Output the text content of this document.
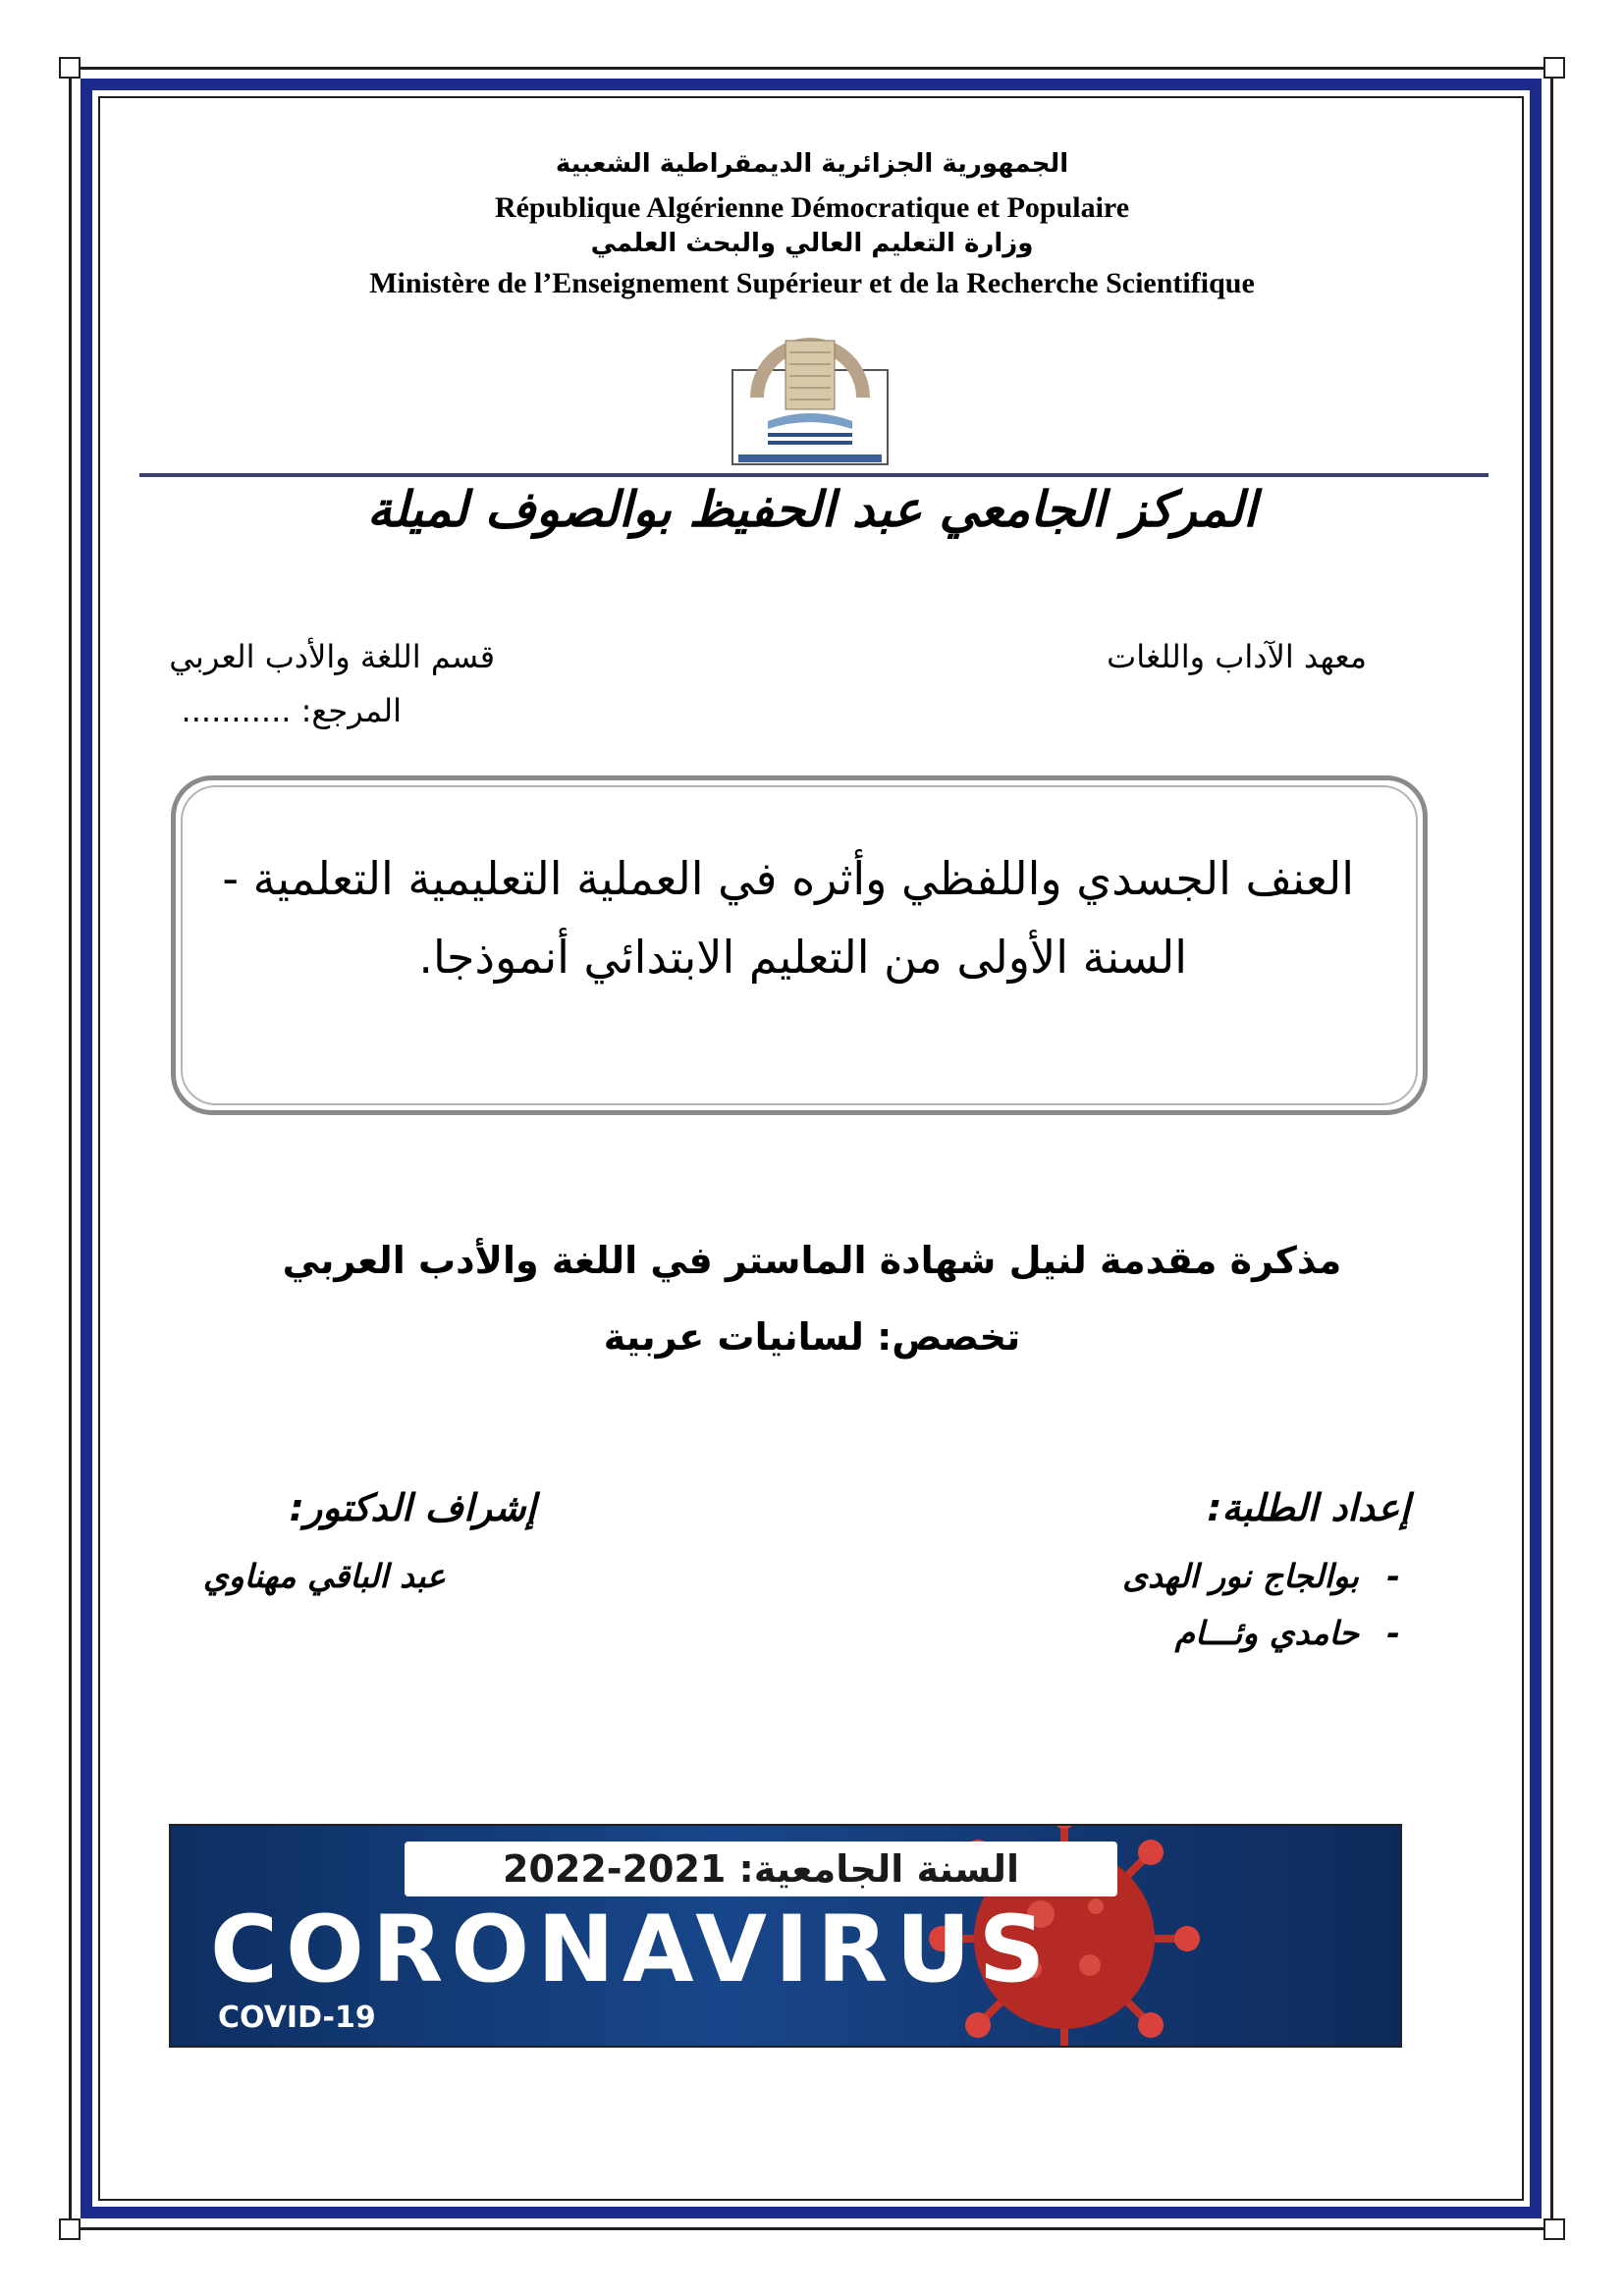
الجمهورية الجزائرية الديمقراطية الشعبية
République Algérienne Démocratique et Populaire
وزارة التعليم العالي والبحث العلمي
Ministère de l’Enseignement Supérieur et de la Recherche Scientifique
المركز الجامعي عبد الحفيظ بوالصوف لميلة
معهد الآداب واللغات
قسم اللغة والأدب العربي
المرجع: ...........
العنف الجسدي واللفظي وأثره في العملية التعليمية التعلمية -
السنة الأولى من التعليم الابتدائي أنموذجا.
مذكرة مقدمة لنيل شهادة الماستر في اللغة والأدب العربي
تخصص: لسانيات عربية
إعداد الطلبة:
إشراف الدكتور:
-
بوالجاج نور الهدى
-
حامدي وئـــام
عبد الباقي مهناوي
السنة الجامعية: 2021-2022
CORONAVIRUS
COVID-19
